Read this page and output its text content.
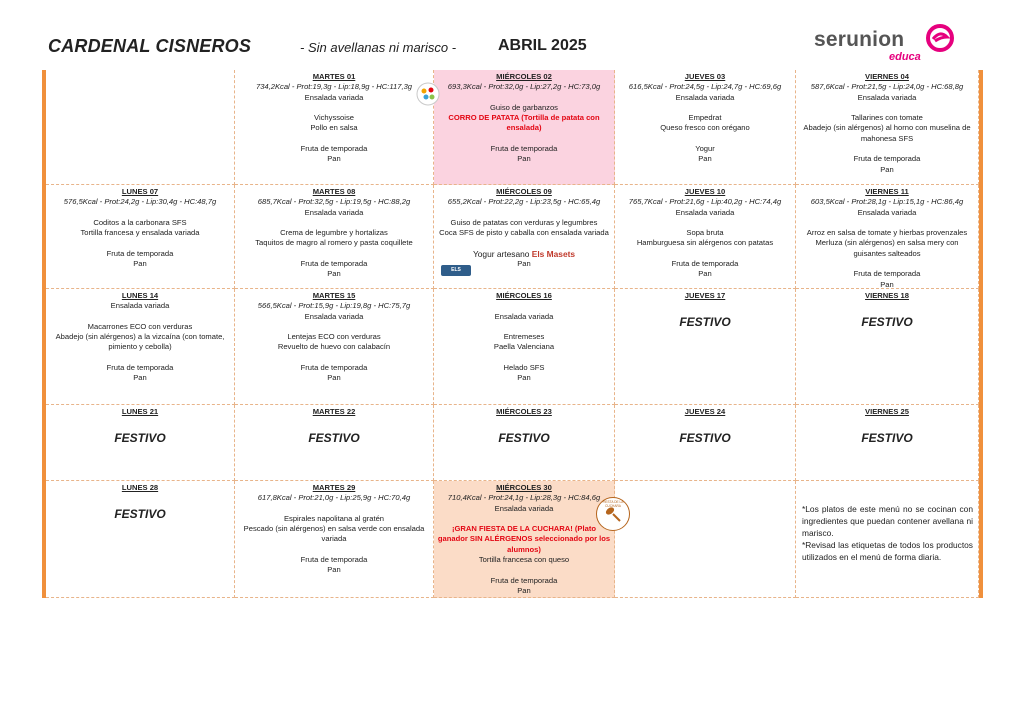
CARDENAL CISNEROS	- Sin avellanas ni marisco -	ABRIL 2025	serunion
educa
MARTES 01
734,2Kcal - Prot:19,3g - Lip:18,9g - HC:117,3g
Ensalada variada
Vichyssoise
Pollo en salsa
Fruta de temporada
Pan
MIÉRCOLES 02
693,3Kcal - Prot:32,0g - Lip:27,2g - HC:73,0g
Guiso de garbanzos
CORRO DE PATATA (Tortilla de patata con ensalada)
Fruta de temporada
Pan
JUEVES 03
616,5Kcal - Prot:24,5g - Lip:24,7g - HC:69,6g
Ensalada variada
Empedrat
Queso fresco con orégano
Yogur
Pan
VIERNES 04
587,6Kcal - Prot:21,5g - Lip:24,0g - HC:68,8g
Ensalada variada
Tallarines con tomate
Abadejo (sin alérgenos) al horno con muselina de mahonesa SFS
Fruta de temporada
Pan
LUNES 07
576,5Kcal - Prot:24,2g - Lip:30,4g - HC:48,7g
Coditos a la carbonara SFS
Tortilla francesa y ensalada variada
Fruta de temporada
Pan
MARTES 08
685,7Kcal - Prot:32,5g - Lip:19,5g - HC:88,2g
Ensalada variada
Crema de legumbre y hortalizas
Taquitos de magro al romero y pasta coquillete
Fruta de temporada
Pan
MIÉRCOLES 09
655,2Kcal - Prot:22,2g - Lip:23,5g - HC:65,4g
Guiso de patatas con verduras y legumbres
Coca SFS de pisto y caballa con ensalada variada
Yogur artesano Els Masets
Pan
JUEVES 10
765,7Kcal - Prot:21,6g - Lip:40,2g - HC:74,4g
Ensalada variada
Sopa bruta
Hamburguesa sin alérgenos con patatas
Fruta de temporada
Pan
VIERNES 11
603,5Kcal - Prot:28,1g - Lip:15,1g - HC:86,4g
Ensalada variada
Arroz en salsa de tomate y hierbas provenzales
Merluza (sin alérgenos) en salsa mery con guisantes salteados
Fruta de temporada
Pan
LUNES 14
Ensalada variada
Macarrones ECO con verduras
Abadejo (sin alérgenos) a la vizcaína (con tomate, pimiento y cebolla)
Fruta de temporada
Pan
MARTES 15
566,5Kcal - Prot:15,9g - Lip:19,8g - HC:75,7g
Ensalada variada
Lentejas ECO con verduras
Revuelto de huevo con calabacín
Fruta de temporada
Pan
MIÉRCOLES 16
Ensalada variada
Entremeses
Paella Valenciana
Helado SFS
Pan
JUEVES 17
FESTIVO
VIERNES 18
FESTIVO
LUNES 21
FESTIVO
MARTES 22
FESTIVO
MIÉRCOLES 23
FESTIVO
JUEVES 24
FESTIVO
VIERNES 25
FESTIVO
LUNES 28
FESTIVO
MARTES 29
617,8Kcal - Prot:21,0g - Lip:25,9g - HC:70,4g
Espirales napolitana al gratén
Pescado (sin alérgenos) en salsa verde con ensalada variada
Fruta de temporada
Pan
MIÉRCOLES 30
710,4Kcal - Prot:24,1g - Lip:28,3g - HC:84,6g
Ensalada variada
¡GRAN FIESTA DE LA CUCHARA! (Plato ganador SIN ALÉRGENOS seleccionado por los alumnos)
Tortilla francesa con queso
Fruta de temporada
Pan
*Los platos de este menú no se cocinan con ingredientes que puedan contener avellana ni marisco.
*Revisad las etiquetas de todos los productos utilizados en el menú de forma diaria.
ELS MASETS
FIESTA DE LA CUCHARA
